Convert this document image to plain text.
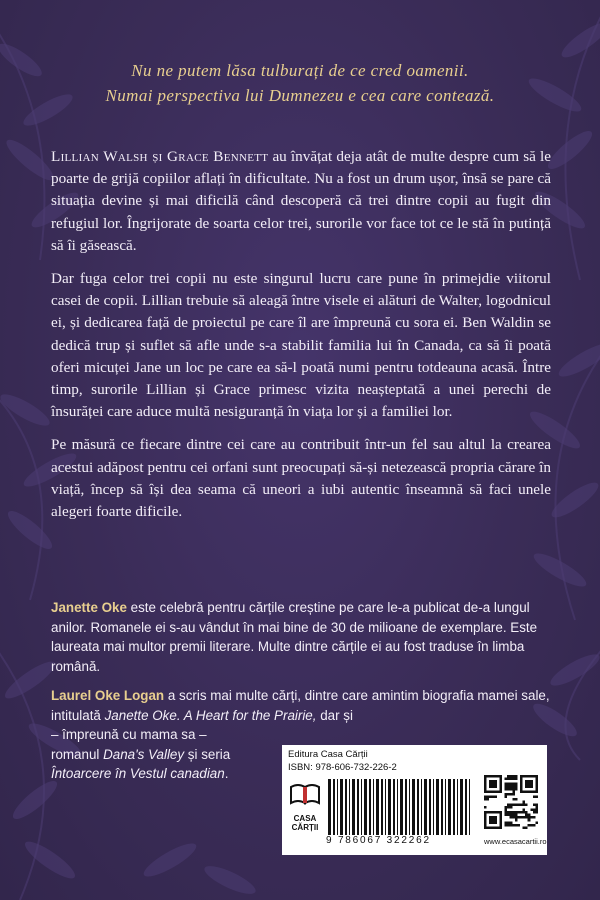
Nu ne putem lăsa tulburați de ce cred oamenii.
Numai perspectiva lui Dumnezeu e cea care contează.

Lillian Walsh și Grace Bennett au învățat deja atât de multe despre cum să le poarte de grijă copiilor aflați în dificultate. Nu a fost un drum ușor, însă se pare că situația devine și mai dificilă când descoperă că trei dintre copii au fugit din refugiul lor. Îngrijorate de soarta celor trei, surorile vor face tot ce le stă în putință să îi găsească.

Dar fuga celor trei copii nu este singurul lucru care pune în primejdie viitorul casei de copii. Lillian trebuie să aleagă între visele ei alături de Walter, logodnicul ei, și dedicarea față de proiectul pe care îl are împreună cu sora ei. Ben Waldin se dedică trup și suflet să afle unde s-a stabilit familia lui în Canada, ca să îi poată oferi micuței Jane un loc pe care ea să-l poată numi pentru totdeauna acasă. Între timp, surorile Lillian și Grace primesc vizita neașteptată a unei perechi de însurăței care aduce multă nesiguranță în viața lor și a familiei lor.

Pe măsură ce fiecare dintre cei care au contribuit într-un fel sau altul la crearea acestui adăpost pentru cei orfani sunt preocupați să-și netezească propria cărare în viață, încep să își dea seama că uneori a iubi autentic înseamnă să faci unele alegeri foarte dificile.

Janette Oke este celebră pentru cărțile creștine pe care le-a publicat de-a lungul anilor. Romanele ei s-au vândut în mai bine de 30 de milioane de exemplare. Este laureata mai multor premii literare. Multe dintre cărțile ei au fost traduse în limba română.

Laurel Oke Logan a scris mai multe cărți, dintre care amintim biografia mamei sale, intitulată Janette Oke. A Heart for the Prairie, dar și
– împreună cu mama sa –
romanul Dana's Valley și seria
Întoarcere în Vestul canadian.

Editura Casa Cărții
ISBN: 978-606-732-226-2
CASA
CĂRȚII
9 786067 322262	www.ecasacartii.ro
